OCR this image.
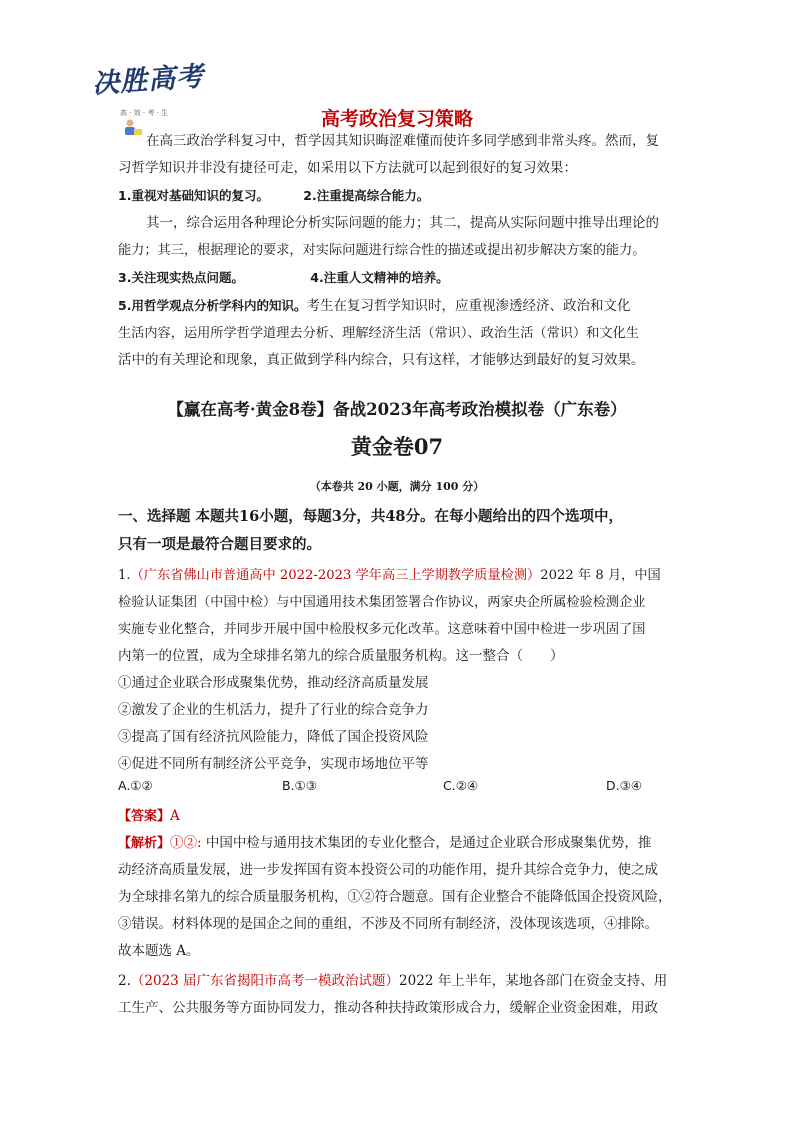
决胜高考
高 · 效 · 考 · 生	高考政治复习策略

在高三政治学科复习中，哲学因其知识晦涩难懂而使许多同学感到非常头疼。然而，复

习哲学知识并非没有捷径可走，如采用以下方法就可以起到很好的复习效果：

1.重视对基础知识的复习。	2.注重提高综合能力。

其一，综合运用各种理论分析实际问题的能力；其二，提高从实际问题中推导出理论的

能力；其三，根据理论的要求，对实际问题进行综合性的描述或提出初步解决方案的能力。

3.关注现实热点问题。	4.注重人文精神的培养。

5.用哲学观点分析学科内的知识。考生在复习哲学知识时，应重视渗透经济、政治和文化

生活内容，运用所学哲学道理去分析、理解经济生活（常识）、政治生活（常识）和文化生

活中的有关理论和现象，真正做到学科内综合，只有这样，才能够达到最好的复习效果。

【赢在高考·黄金8卷】备战2023年高考政治模拟卷（广东卷）
黄金卷07
（本卷共 20 小题，满分 100 分）
一、选择题 本题共16小题，每题3分，共48分。在每小题给出的四个选项中，
只有一项是最符合题目要求的。

1.（广东省佛山市普通高中 2022-2023 学年高三上学期教学质量检测）2022 年 8 月，中国

检验认证集团（中国中检）与中国通用技术集团签署合作协议，两家央企所属检验检测企业

实施专业化整合，并同步开展中国中检股权多元化改革。这意味着中国中检进一步巩固了国

内第一的位置，成为全球排名第九的综合质量服务机构。这一整合（　　）

①通过企业联合形成聚集优势，推动经济高质量发展

②激发了企业的生机活力，提升了行业的综合竞争力

③提高了国有经济抗风险能力，降低了国企投资风险

④促进不同所有制经济公平竞争，实现市场地位平等

A.①②	B.①③	C.②④	D.③④

【答案】A

【解析】①②: 中国中检与通用技术集团的专业化整合，是通过企业联合形成聚集优势，推

动经济高质量发展，进一步发挥国有资本投资公司的功能作用，提升其综合竞争力，使之成

为全球排名第九的综合质量服务机构，①②符合题意。国有企业整合不能降低国企投资风险，

③错误。材料体现的是国企之间的重组，不涉及不同所有制经济，没体现该选项，④排除。

故本题选 A。

2.（2023 届广东省揭阳市高考一模政治试题）2022 年上半年，某地各部门在资金支持、用

工生产、公共服务等方面协同发力，推动各种扶持政策形成合力，缓解企业资金困难，用政
